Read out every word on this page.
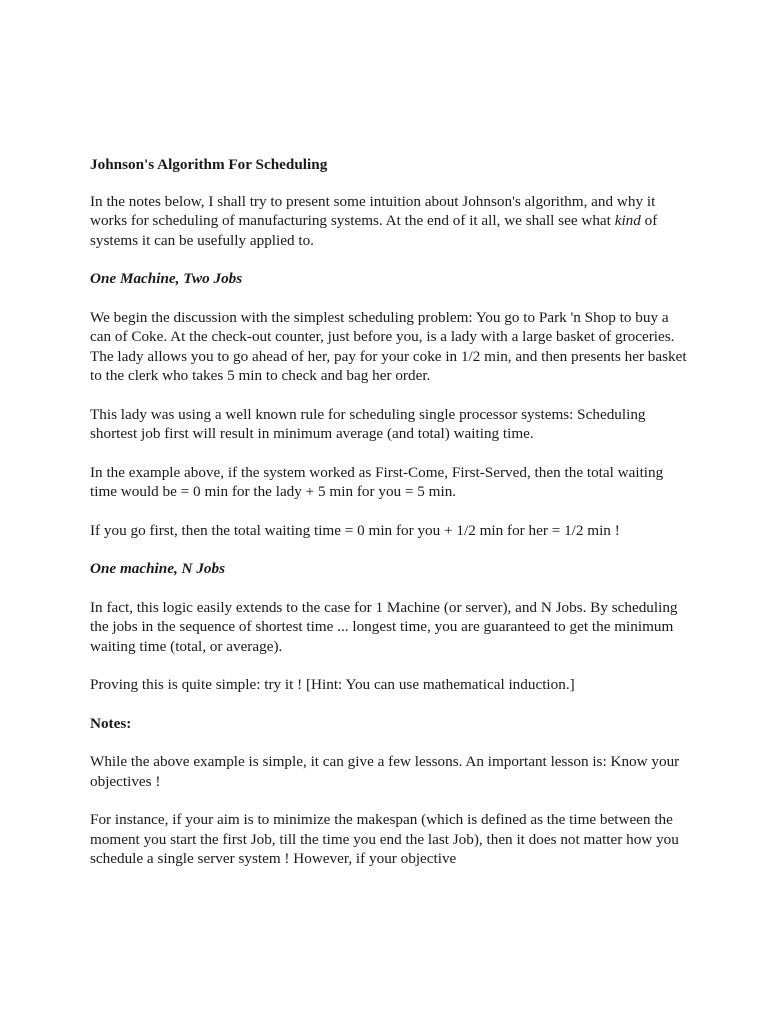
Johnson's Algorithm For Scheduling

In the notes below, I shall try to present some intuition about Johnson's algorithm, and why it works for scheduling of manufacturing systems. At the end of it all, we shall see what kind of systems it can be usefully applied to.

One Machine, Two Jobs

We begin the discussion with the simplest scheduling problem: You go to Park 'n Shop to buy a can of Coke. At the check-out counter, just before you, is a lady with a large basket of groceries. The lady allows you to go ahead of her, pay for your coke in 1/2 min, and then presents her basket to the clerk who takes 5 min to check and bag her order.

This lady was using a well known rule for scheduling single processor systems: Scheduling shortest job first will result in minimum average (and total) waiting time.

In the example above, if the system worked as First-Come, First-Served, then the total waiting time would be = 0 min for the lady + 5 min for you = 5 min.

If you go first, then the total waiting time = 0 min for you + 1/2 min for her = 1/2 min !

One machine, N Jobs

In fact, this logic easily extends to the case for 1 Machine (or server), and N Jobs. By scheduling the jobs in the sequence of shortest time ... longest time, you are guaranteed to get the minimum waiting time (total, or average).

Proving this is quite simple: try it ! [Hint: You can use mathematical induction.]

Notes:

While the above example is simple, it can give a few lessons. An important lesson is: Know your objectives !

For instance, if your aim is to minimize the makespan (which is defined as the time between the moment you start the first Job, till the time you end the last Job), then it does not matter how you schedule a single server system ! However, if your objective
